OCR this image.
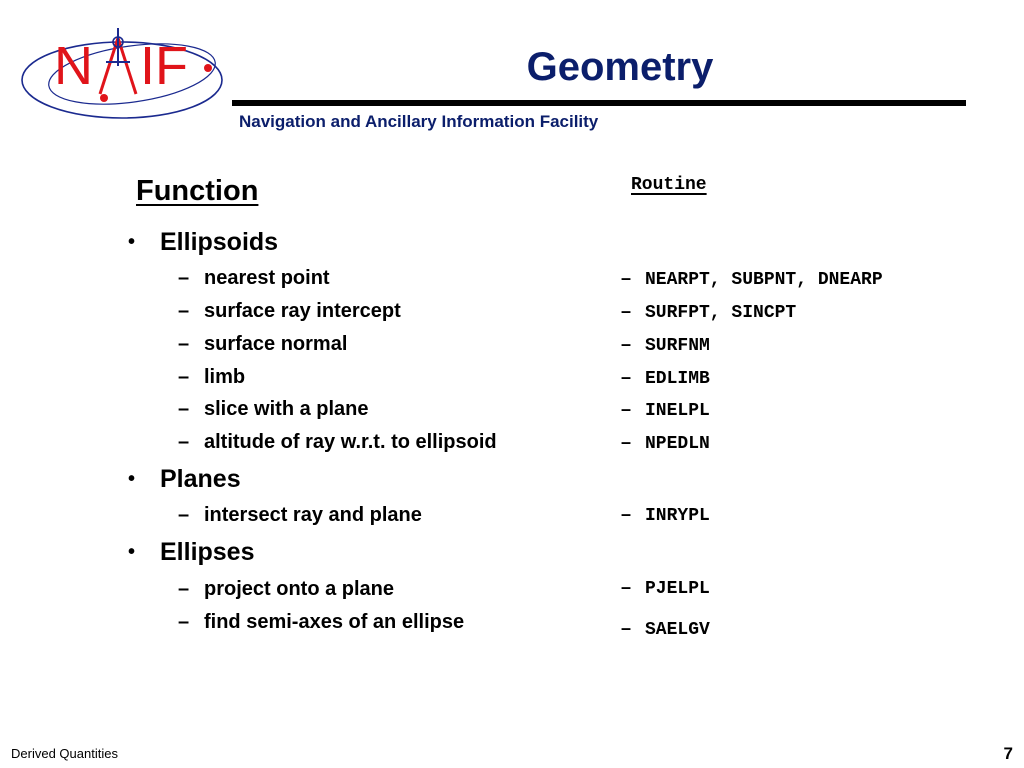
N IF	Geometry
Navigation and Ancillary Information Facility
Function	Routine
• Ellipsoids
– nearest point	– NEARPT, SUBPNT, DNEARP
– surface ray intercept	– SURFPT, SINCPT
– surface normal	– SURFNM
– limb	– EDLIMB
– slice with a plane	– INELPL
– altitude of ray w.r.t. to ellipsoid	– NPEDLN
• Planes
– intersect ray and plane	– INRYPL
• Ellipses
– project onto a plane	– PJELPL
– find semi-axes of an ellipse	– SAELGV
Derived Quantities	7
